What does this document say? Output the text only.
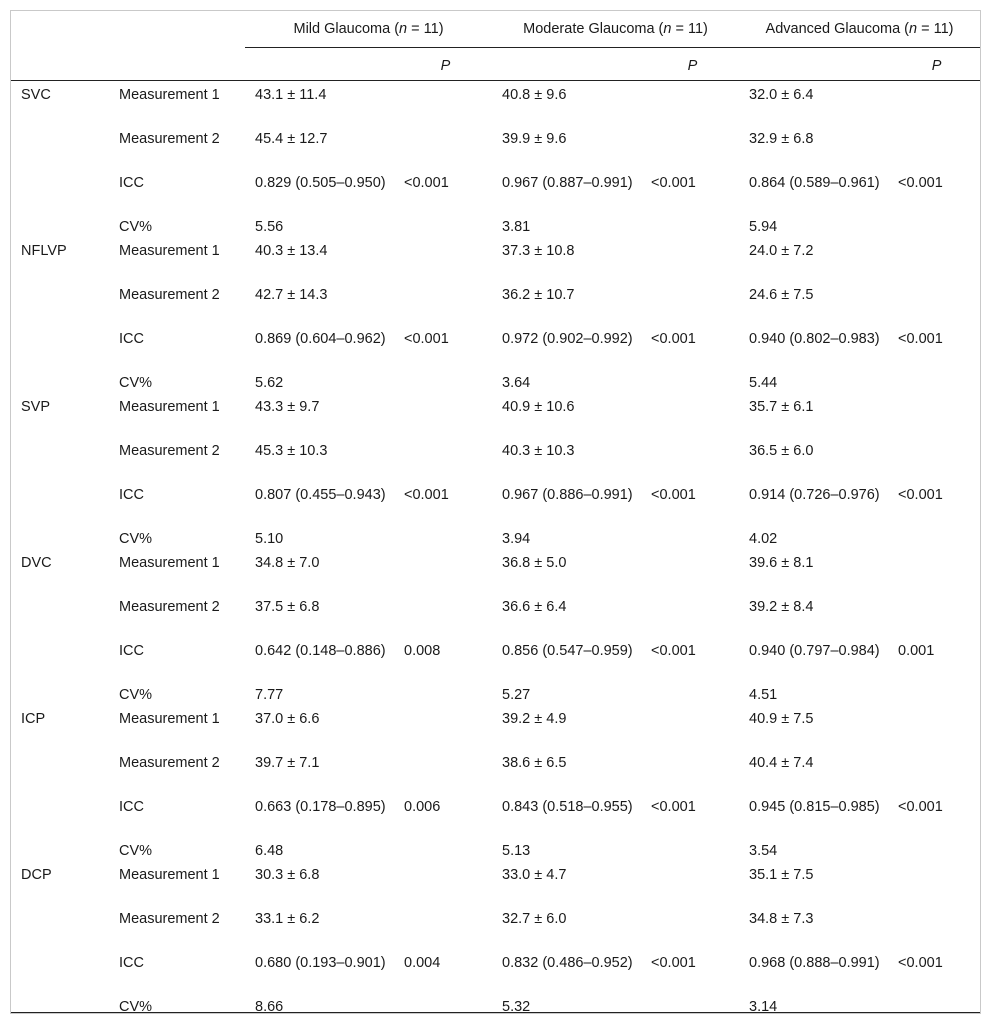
		Mild Glaucoma (n = 11)		Moderate Glaucoma (n = 11)		Advanced Glaucoma (n = 11)	
			P		P		P
SVC	Measurement 1	43.1 ± 11.4		40.8 ± 9.6		32.0 ± 6.4	
	Measurement 2	45.4 ± 12.7		39.9 ± 9.6		32.9 ± 6.8	
	ICC	0.829 (0.505–0.950)	<0.001	0.967 (0.887–0.991)	<0.001	0.864 (0.589–0.961)	<0.001
	CV%	5.56		3.81		5.94	
NFLVP	Measurement 1	40.3 ± 13.4		37.3 ± 10.8		24.0 ± 7.2	
	Measurement 2	42.7 ± 14.3		36.2 ± 10.7		24.6 ± 7.5	
	ICC	0.869 (0.604–0.962)	<0.001	0.972 (0.902–0.992)	<0.001	0.940 (0.802–0.983)	<0.001
	CV%	5.62		3.64		5.44	
SVP	Measurement 1	43.3 ± 9.7		40.9 ± 10.6		35.7 ± 6.1	
	Measurement 2	45.3 ± 10.3		40.3 ± 10.3		36.5 ± 6.0	
	ICC	0.807 (0.455–0.943)	<0.001	0.967 (0.886–0.991)	<0.001	0.914 (0.726–0.976)	<0.001
	CV%	5.10		3.94		4.02	
DVC	Measurement 1	34.8 ± 7.0		36.8 ± 5.0		39.6 ± 8.1	
	Measurement 2	37.5 ± 6.8		36.6 ± 6.4		39.2 ± 8.4	
	ICC	0.642 (0.148–0.886)	0.008	0.856 (0.547–0.959)	<0.001	0.940 (0.797–0.984)	0.001
	CV%	7.77		5.27		4.51	
ICP	Measurement 1	37.0 ± 6.6		39.2 ± 4.9		40.9 ± 7.5	
	Measurement 2	39.7 ± 7.1		38.6 ± 6.5		40.4 ± 7.4	
	ICC	0.663 (0.178–0.895)	0.006	0.843 (0.518–0.955)	<0.001	0.945 (0.815–0.985)	<0.001
	CV%	6.48		5.13		3.54	
DCP	Measurement 1	30.3 ± 6.8		33.0 ± 4.7		35.1 ± 7.5	
	Measurement 2	33.1 ± 6.2		32.7 ± 6.0		34.8 ± 7.3	
	ICC	0.680 (0.193–0.901)	0.004	0.832 (0.486–0.952)	<0.001	0.968 (0.888–0.991)	<0.001
	CV%	8.66		5.32		3.14	
